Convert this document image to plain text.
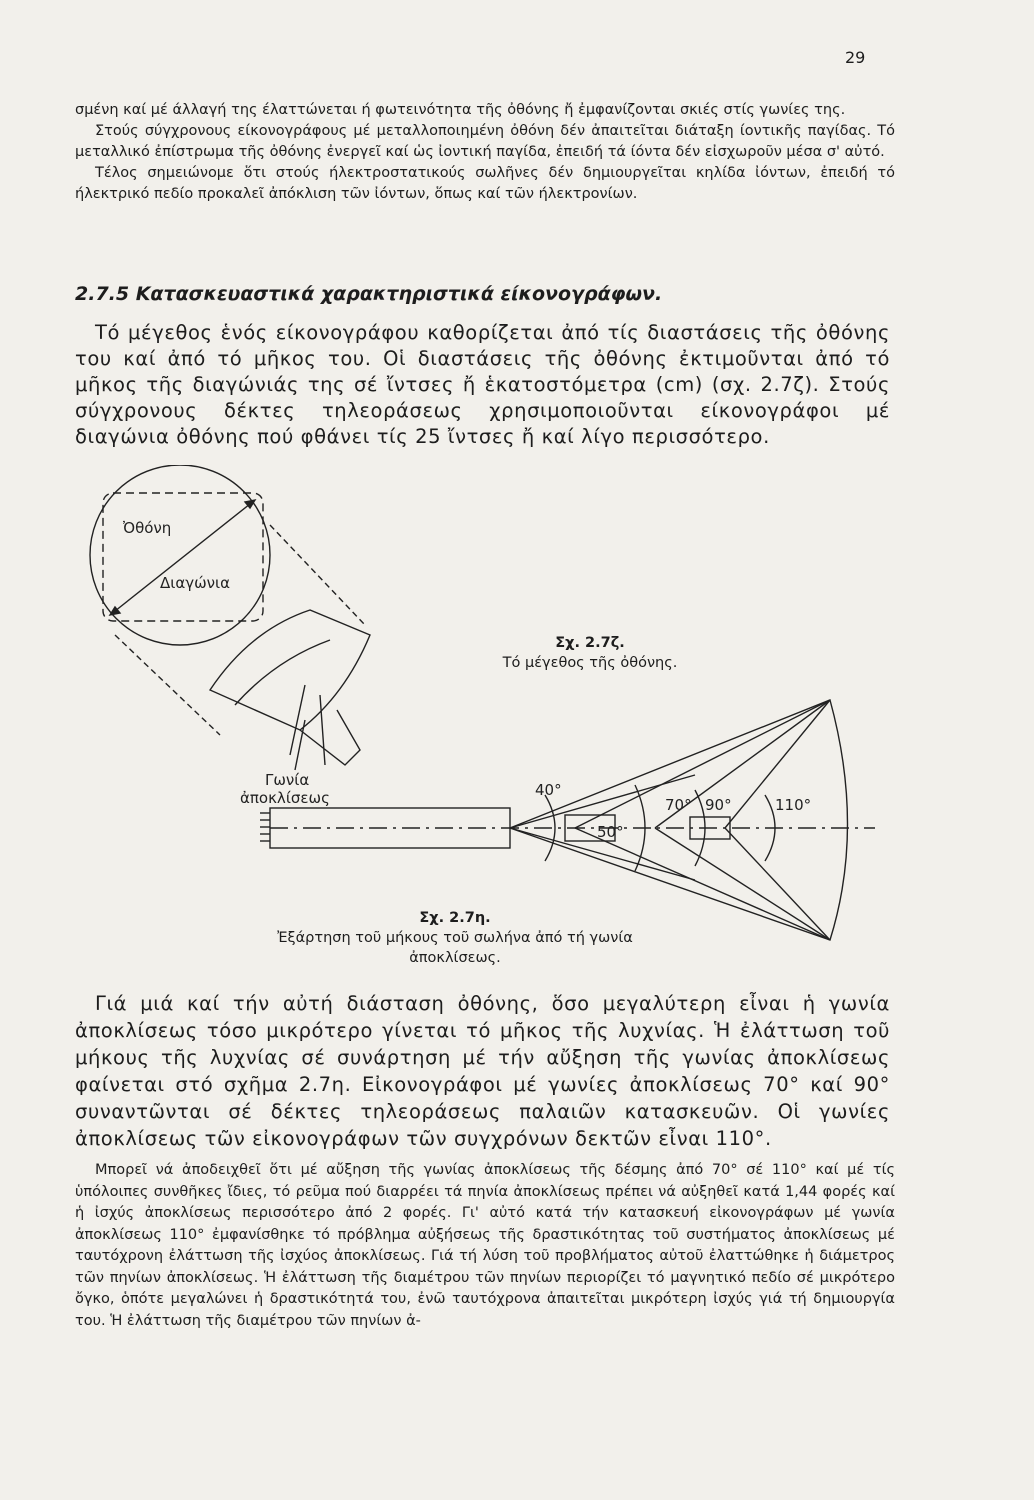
29

σμένη καί μέ άλλαγή της έλαττώνεται ή φωτεινότητα τῆς ὀθόνης ἤ ἐμφανίζονται σκιές στίς γωνίες της.

Στούς σύγχρονους είκονογράφους μέ μεταλλοποιημένη ὀθόνη δέν ἀπαιτεῖται διάταξη ίοντικῆς παγίδας. Τό μεταλλικό ἐπίστρωμα τῆς ὀθόνης ἐνεργεῖ καί ὡς ἰοντική παγίδα, ἐπειδή τά ίόντα δέν εἰσχωροῦν μέσα σ' αὐτό.

Τέλος σημειώνομε ὅτι στούς ήλεκτροστατικούς σωλῆνες δέν δημιουργεῖται κηλίδα ἰόντων, ἐπειδή τό ήλεκτρικό πεδίο προκαλεῖ ἀπόκλιση τῶν ἰόντων, ὅπως καί τῶν ήλεκτρονίων.

2.7.5 Κατασκευαστικά χαρακτηριστικά είκονογράφων.

Τό μέγεθος ἑνός είκονογράφου καθορίζεται ἀπό τίς διαστάσεις τῆς ὀθόνης του καί ἀπό τό μῆκος του. Οἱ διαστάσεις τῆς ὀθόνης ἐκτιμοῦνται ἀπό τό μῆκος τῆς διαγώνιάς της σέ ἴντσες ἤ ἑκατοστόμετρα (cm) (σχ. 2.7ζ). Στούς σύγχρονους δέκτες τηλεοράσεως χρησιμοποιοῦνται είκονογράφοι μέ διαγώνια ὀθόνης πού φθάνει τίς 25 ἴντσες ἤ καί λίγο περισσότερο.

Γωνία
ἀποκλίσεως
Ὀθόνη
Διαγώνια
40°
50°
70° 90°	110°
Σχ. 2.7ζ.
Τό μέγεθος τῆς ὀθόνης.
Σχ. 2.7η.
Ἐξάρτηση τοῦ μήκους τοῦ σωλήνα ἀπό τή γωνία ἀποκλίσεως.

Γιά μιά καί τήν αὐτή διάσταση ὀθόνης, ὅσο μεγαλύτερη εἶναι ἡ γωνία ἀποκλίσεως τόσο μικρότερο γίνεται τό μῆκος τῆς λυχνίας. Ἡ ἐλάττωση τοῦ μήκους τῆς λυχνίας σέ συνάρτηση μέ τήν αὔξηση τῆς γωνίας ἀποκλίσεως φαίνεται στό σχῆμα 2.7η. Εἰκονογράφοι μέ γωνίες ἀποκλίσεως 70° καί 90° συναντῶνται σέ δέκτες τηλεοράσεως παλαιῶν κατασκευῶν. Οἱ γωνίες ἀποκλίσεως τῶν εἰκονογράφων τῶν συγχρόνων δεκτῶν εἶναι 110°.

Μπορεῖ νά ἀποδειχθεῖ ὅτι μέ αὔξηση τῆς γωνίας ἀποκλίσεως τῆς δέσμης ἀπό 70° σέ 110° καί μέ τίς ὑπόλοιπες συνθῆκες ἴδιες, τό ρεῦμα πού διαρρέει τά πηνία ἀποκλίσεως πρέπει νά αὐξηθεῖ κατά 1,44 φορές καί ἡ ἰσχύς ἀποκλίσεως περισσότερο ἀπό 2 φορές. Γι' αὐτό κατά τήν κατασκευή εἰκονογράφων μέ γωνία ἀποκλίσεως 110° ἐμφανίσθηκε τό πρόβλημα αὐξήσεως τῆς δραστικότητας τοῦ συστήματος ἀποκλίσεως μέ ταυτόχρονη ἐλάττωση τῆς ἰσχύος ἀποκλίσεως. Γιά τή λύση τοῦ προβλήματος αὐτοῦ ἐλαττώθηκε ἡ διάμετρος τῶν πηνίων ἀποκλίσεως. Ἡ ἐλάττωση τῆς διαμέτρου τῶν πηνίων περιορίζει τό μαγνητικό πεδίο σέ μικρότερο ὄγκο, ὁπότε μεγαλώνει ἡ δραστικότητά του, ἐνῶ ταυτόχρονα ἀπαιτεῖται μικρότερη ἰσχύς γιά τή δημιουργία του. Ἡ ἐλάττωση τῆς διαμέτρου τῶν πηνίων ἀ-
